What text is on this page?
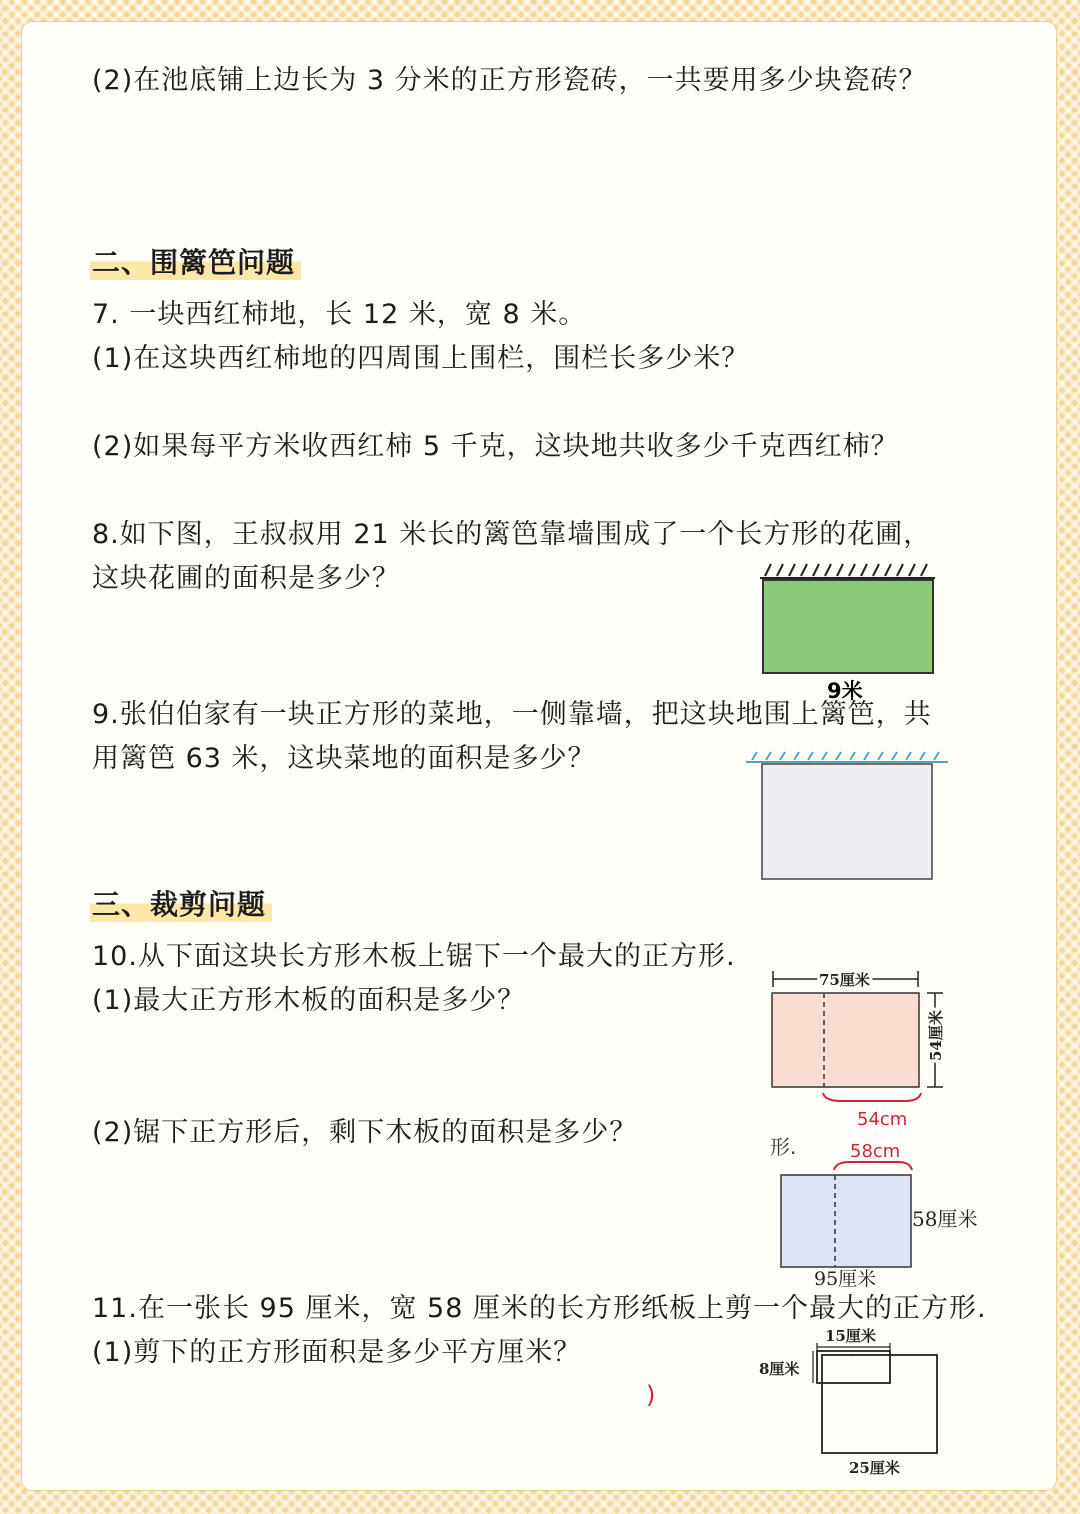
(2)在池底铺上边长为 3 分米的正方形瓷砖，一共要用多少块瓷砖？
二、围篱笆问题
7. 一块西红柿地，长 12 米，宽 8 米。
(1)在这块西红柿地的四周围上围栏，围栏长多少米？
(2)如果每平方米收西红柿 5 千克，这块地共收多少千克西红柿？
8.如下图，王叔叔用 21 米长的篱笆靠墙围成了一个长方形的花圃，
这块花圃的面积是多少？
9.张伯伯家有一块正方形的菜地，一侧靠墙，把这块地围上篱笆，共
用篱笆 63 米，这块菜地的面积是多少？
三、裁剪问题
10.从下面这块长方形木板上锯下一个最大的正方形.
(1)最大正方形木板的面积是多少？
(2)锯下正方形后，剩下木板的面积是多少？
11.在一张长 95 厘米，宽 58 厘米的长方形纸板上剪一个最大的正方形.
(1)剪下的正方形面积是多少平方厘米？
9米
75厘米
54厘米
54cm
形.	58cm
58厘米
95厘米
15厘米
8厘米
25厘米
)
